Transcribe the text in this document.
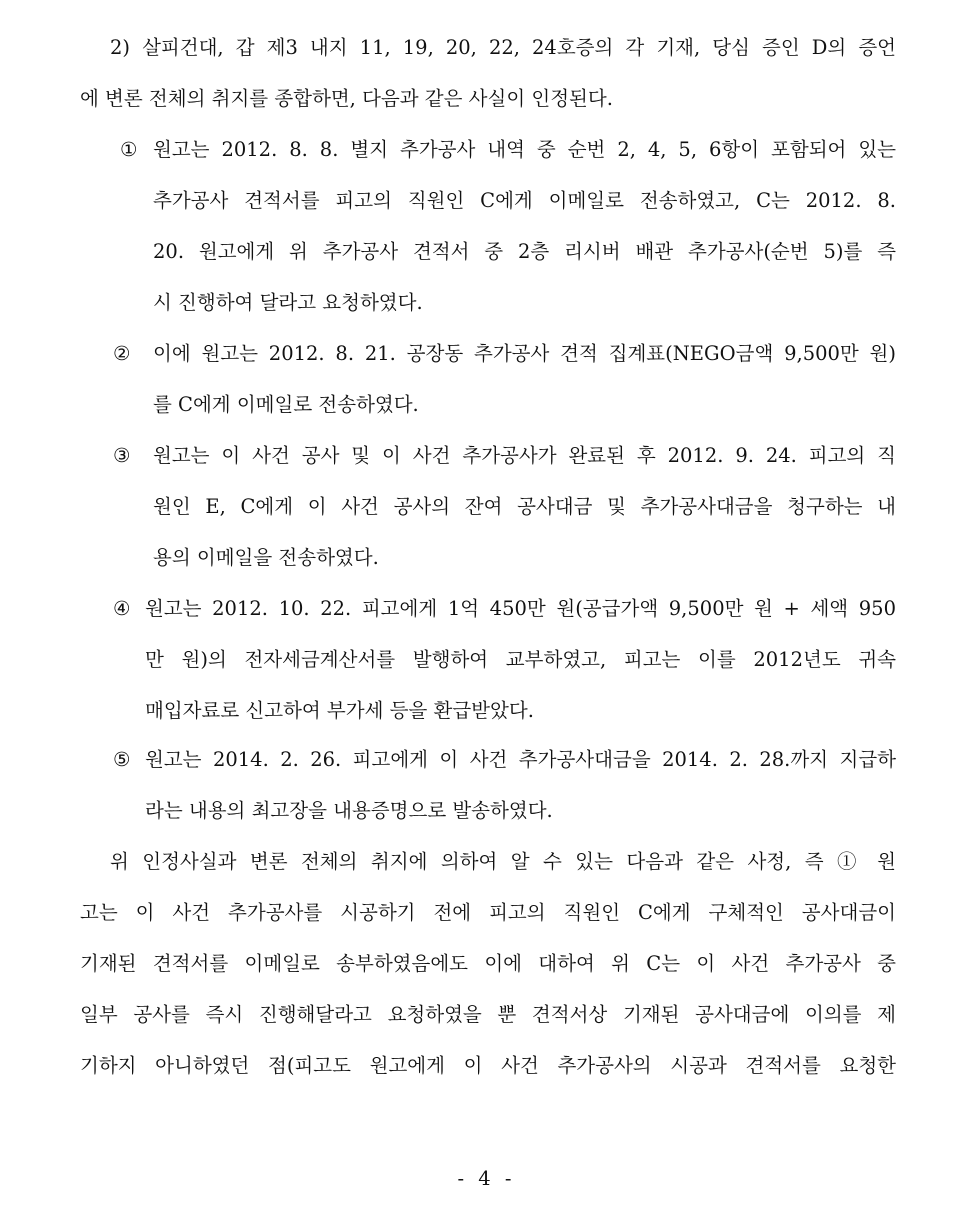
2) 살피건대, 갑 제3 내지 11, 19, 20, 22, 24호증의 각 기재, 당심 증인 D의 증언
에 변론 전체의 취지를 종합하면, 다음과 같은 사실이 인정된다.
① 원고는 2012. 8. 8. 별지 추가공사 내역 중 순번 2, 4, 5, 6항이 포함되어 있는
추가공사 견적서를 피고의 직원인 C에게 이메일로 전송하였고, C는 2012. 8.
20. 원고에게 위 추가공사 견적서 중 2층 리시버 배관 추가공사(순번 5)를 즉
시 진행하여 달라고 요청하였다.
② 이에 원고는 2012. 8. 21. 공장동 추가공사 견적 집계표(NEGO금액 9,500만 원)
를 C에게 이메일로 전송하였다.
③ 원고는 이 사건 공사 및 이 사건 추가공사가 완료된 후 2012. 9. 24. 피고의 직
원인 E, C에게 이 사건 공사의 잔여 공사대금 및 추가공사대금을 청구하는 내
용의 이메일을 전송하였다.
④ 원고는 2012. 10. 22. 피고에게 1억 450만 원(공급가액 9,500만 원 + 세액 950
만 원)의 전자세금계산서를 발행하여 교부하였고, 피고는 이를 2012년도 귀속
매입자료로 신고하여 부가세 등을 환급받았다.
⑤ 원고는 2014. 2. 26. 피고에게 이 사건 추가공사대금을 2014. 2. 28.까지 지급하
라는 내용의 최고장을 내용증명으로 발송하였다.
위 인정사실과 변론 전체의 취지에 의하여 알 수 있는 다음과 같은 사정, 즉 ① 원
고는 이 사건 추가공사를 시공하기 전에 피고의 직원인 C에게 구체적인 공사대금이
기재된 견적서를 이메일로 송부하였음에도 이에 대하여 위 C는 이 사건 추가공사 중
일부 공사를 즉시 진행해달라고 요청하였을 뿐 견적서상 기재된 공사대금에 이의를 제
기하지 아니하였던 점(피고도 원고에게 이 사건 추가공사의 시공과 견적서를 요청한
- 4 -
